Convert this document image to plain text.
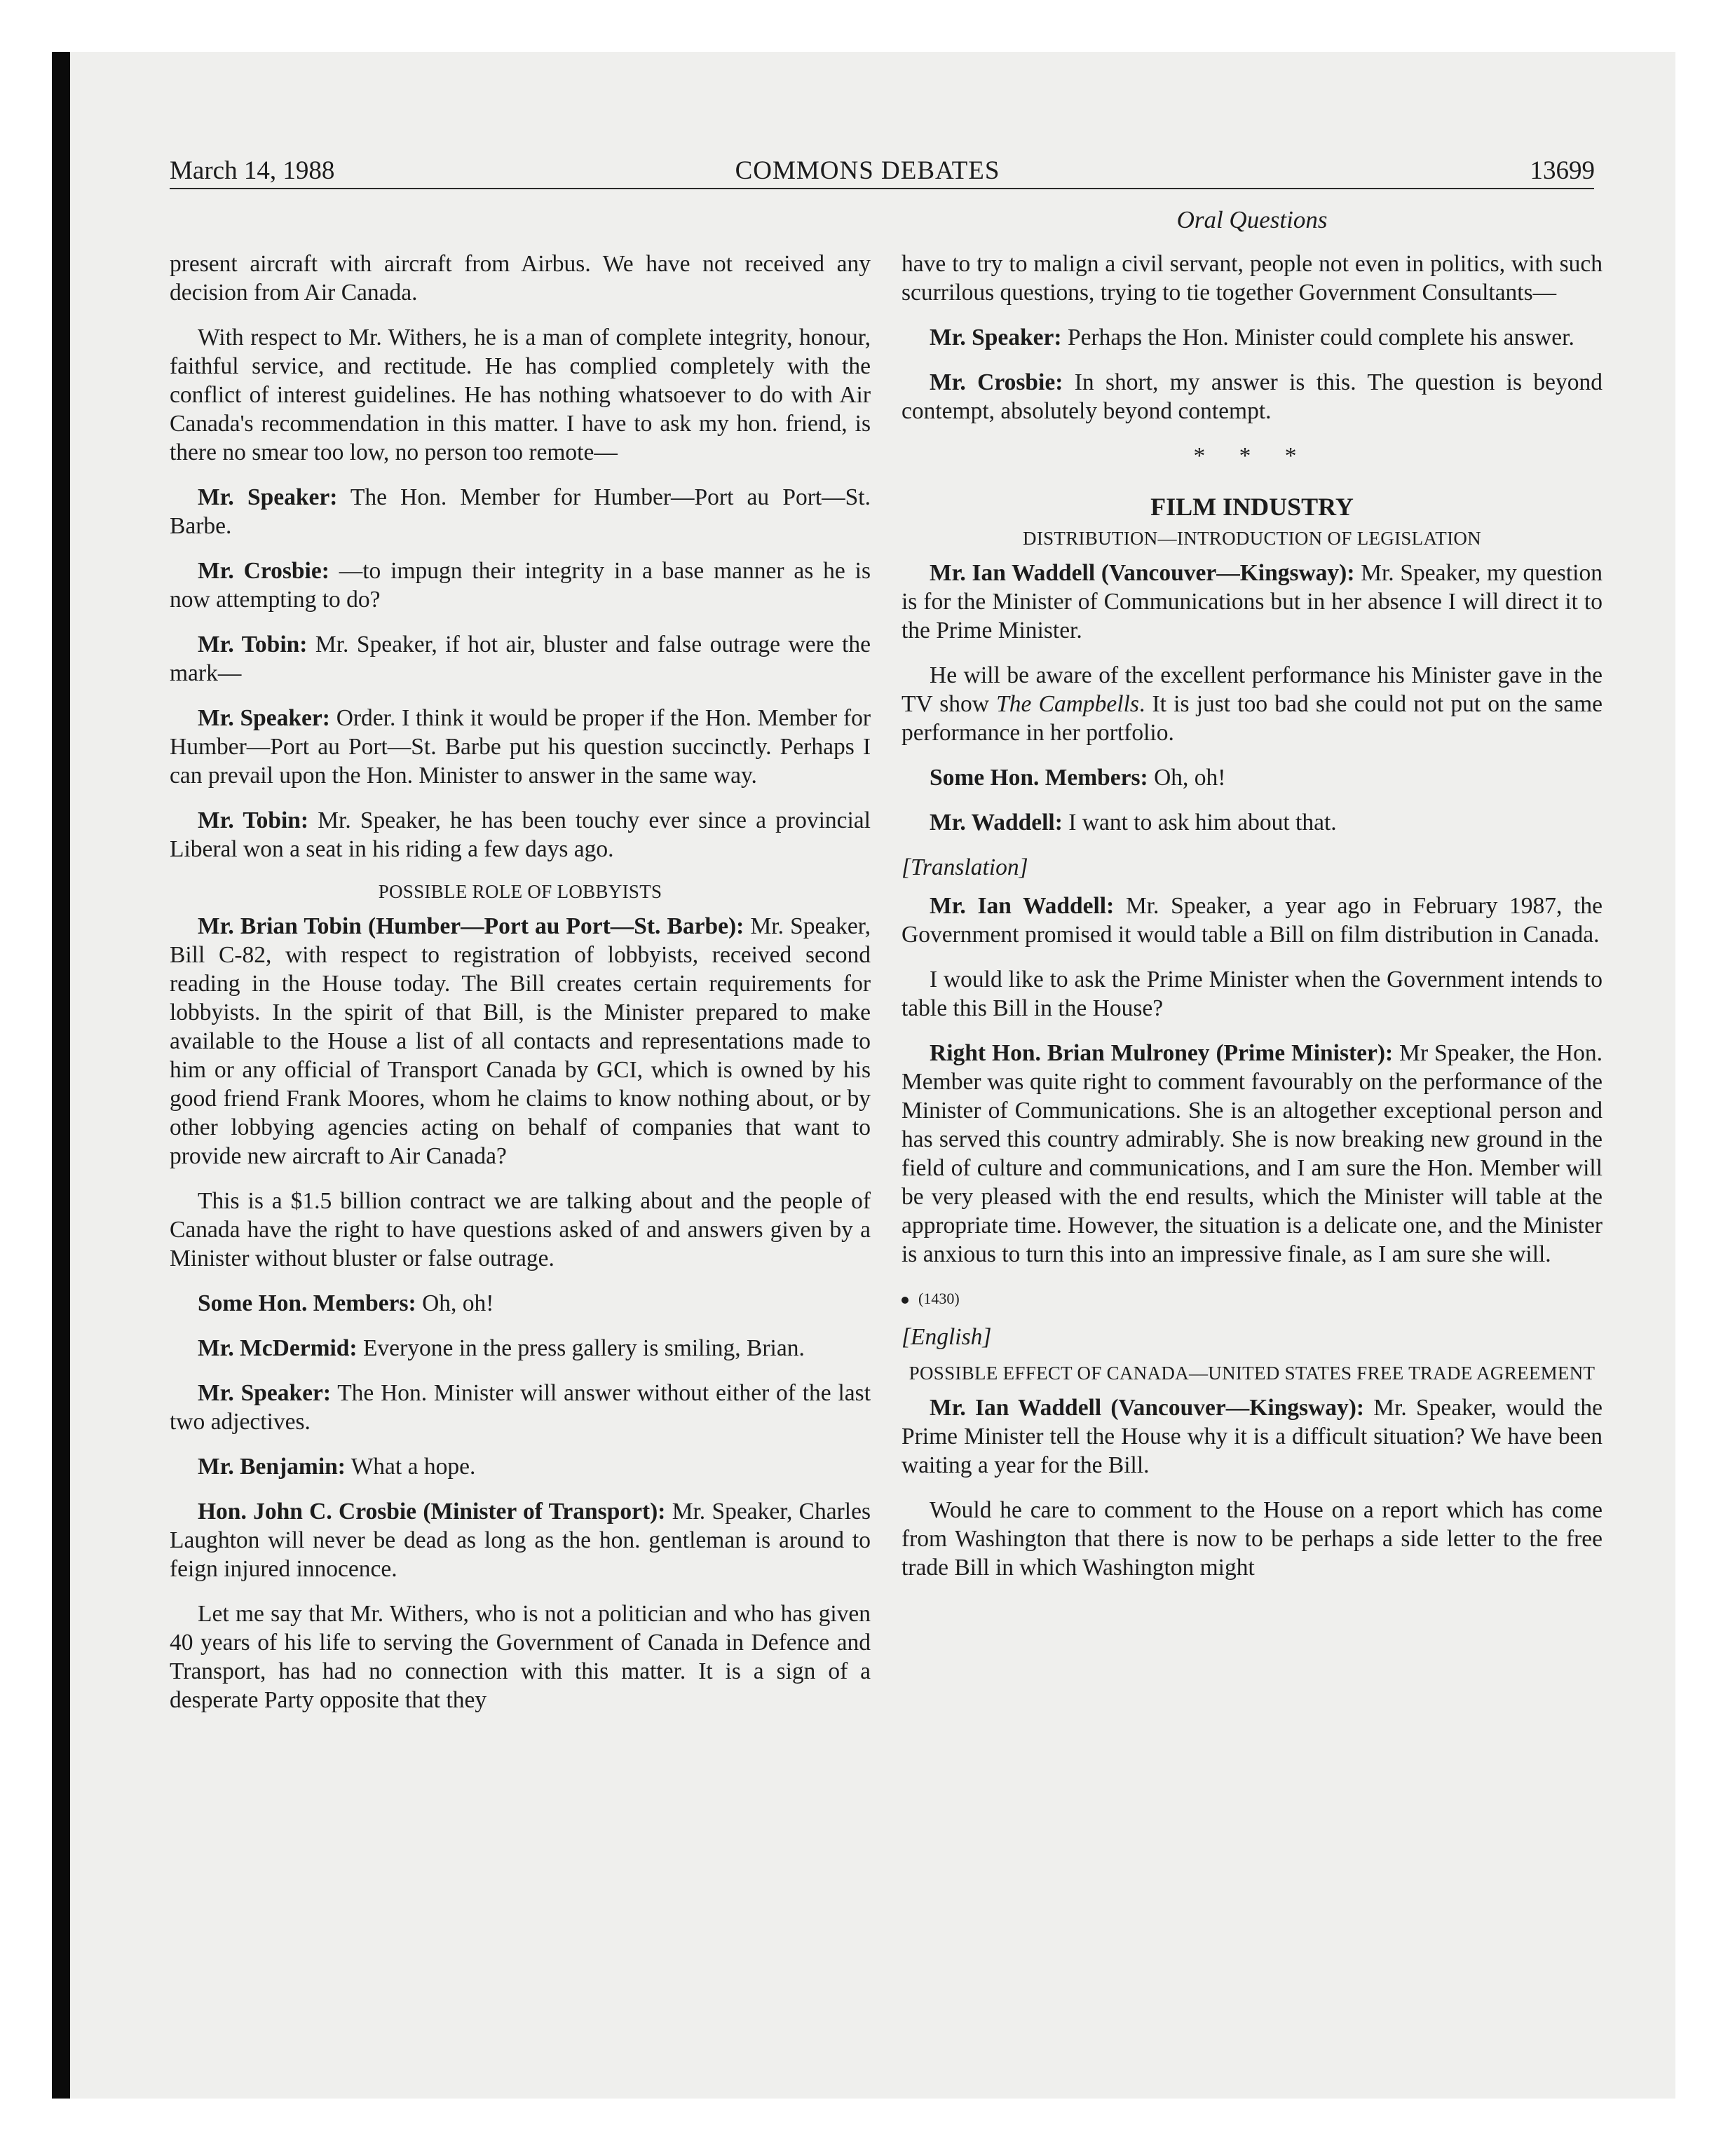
March 14, 1988	COMMONS DEBATES	13699
Oral Questions

present aircraft with aircraft from Airbus. We have not received any decision from Air Canada.

With respect to Mr. Withers, he is a man of complete integrity, honour, faithful service, and rectitude. He has complied completely with the conflict of interest guidelines. He has nothing whatsoever to do with Air Canada's recommendation in this matter. I have to ask my hon. friend, is there no smear too low, no person too remote—

Mr. Speaker: The Hon. Member for Humber—Port au Port—St. Barbe.

Mr. Crosbie: —to impugn their integrity in a base manner as he is now attempting to do?

Mr. Tobin: Mr. Speaker, if hot air, bluster and false outrage were the mark—

Mr. Speaker: Order. I think it would be proper if the Hon. Member for Humber—Port au Port—St. Barbe put his question succinctly. Perhaps I can prevail upon the Hon. Minister to answer in the same way.

Mr. Tobin: Mr. Speaker, he has been touchy ever since a provincial Liberal won a seat in his riding a few days ago.

POSSIBLE ROLE OF LOBBYISTS

Mr. Brian Tobin (Humber—Port au Port—St. Barbe): Mr. Speaker, Bill C-82, with respect to registration of lobbyists, received second reading in the House today. The Bill creates certain requirements for lobbyists. In the spirit of that Bill, is the Minister prepared to make available to the House a list of all contacts and representations made to him or any official of Transport Canada by GCI, which is owned by his good friend Frank Moores, whom he claims to know nothing about, or by other lobbying agencies acting on behalf of companies that want to provide new aircraft to Air Canada?

This is a $1.5 billion contract we are talking about and the people of Canada have the right to have questions asked of and answers given by a Minister without bluster or false outrage.

Some Hon. Members: Oh, oh!

Mr. McDermid: Everyone in the press gallery is smiling, Brian.

Mr. Speaker: The Hon. Minister will answer without either of the last two adjectives.

Mr. Benjamin: What a hope.

Hon. John C. Crosbie (Minister of Transport): Mr. Speaker, Charles Laughton will never be dead as long as the hon. gentleman is around to feign injured innocence.

Let me say that Mr. Withers, who is not a politician and who has given 40 years of his life to serving the Government of Canada in Defence and Transport, has had no connection with this matter. It is a sign of a desperate Party opposite that they

have to try to malign a civil servant, people not even in politics, with such scurrilous questions, trying to tie together Government Consultants—

Mr. Speaker: Perhaps the Hon. Minister could complete his answer.

Mr. Crosbie: In short, my answer is this. The question is beyond contempt, absolutely beyond contempt.

* * *

FILM INDUSTRY

DISTRIBUTION—INTRODUCTION OF LEGISLATION

Mr. Ian Waddell (Vancouver—Kingsway): Mr. Speaker, my question is for the Minister of Communications but in her absence I will direct it to the Prime Minister.

He will be aware of the excellent performance his Minister gave in the TV show The Campbells. It is just too bad she could not put on the same performance in her portfolio.

Some Hon. Members: Oh, oh!

Mr. Waddell: I want to ask him about that.

[Translation]

Mr. Ian Waddell: Mr. Speaker, a year ago in February 1987, the Government promised it would table a Bill on film distribution in Canada.

I would like to ask the Prime Minister when the Government intends to table this Bill in the House?

Right Hon. Brian Mulroney (Prime Minister): Mr Speaker, the Hon. Member was quite right to comment favourably on the performance of the Minister of Communications. She is an altogether exceptional person and has served this country admirably. She is now breaking new ground in the field of culture and communications, and I am sure the Hon. Member will be very pleased with the end results, which the Minister will table at the appropriate time. However, the situation is a delicate one, and the Minister is anxious to turn this into an impressive finale, as I am sure she will.

(1430)

[English]

POSSIBLE EFFECT OF CANADA—UNITED STATES FREE TRADE AGREEMENT

Mr. Ian Waddell (Vancouver—Kingsway): Mr. Speaker, would the Prime Minister tell the House why it is a difficult situation? We have been waiting a year for the Bill.

Would he care to comment to the House on a report which has come from Washington that there is now to be perhaps a side letter to the free trade Bill in which Washington might
